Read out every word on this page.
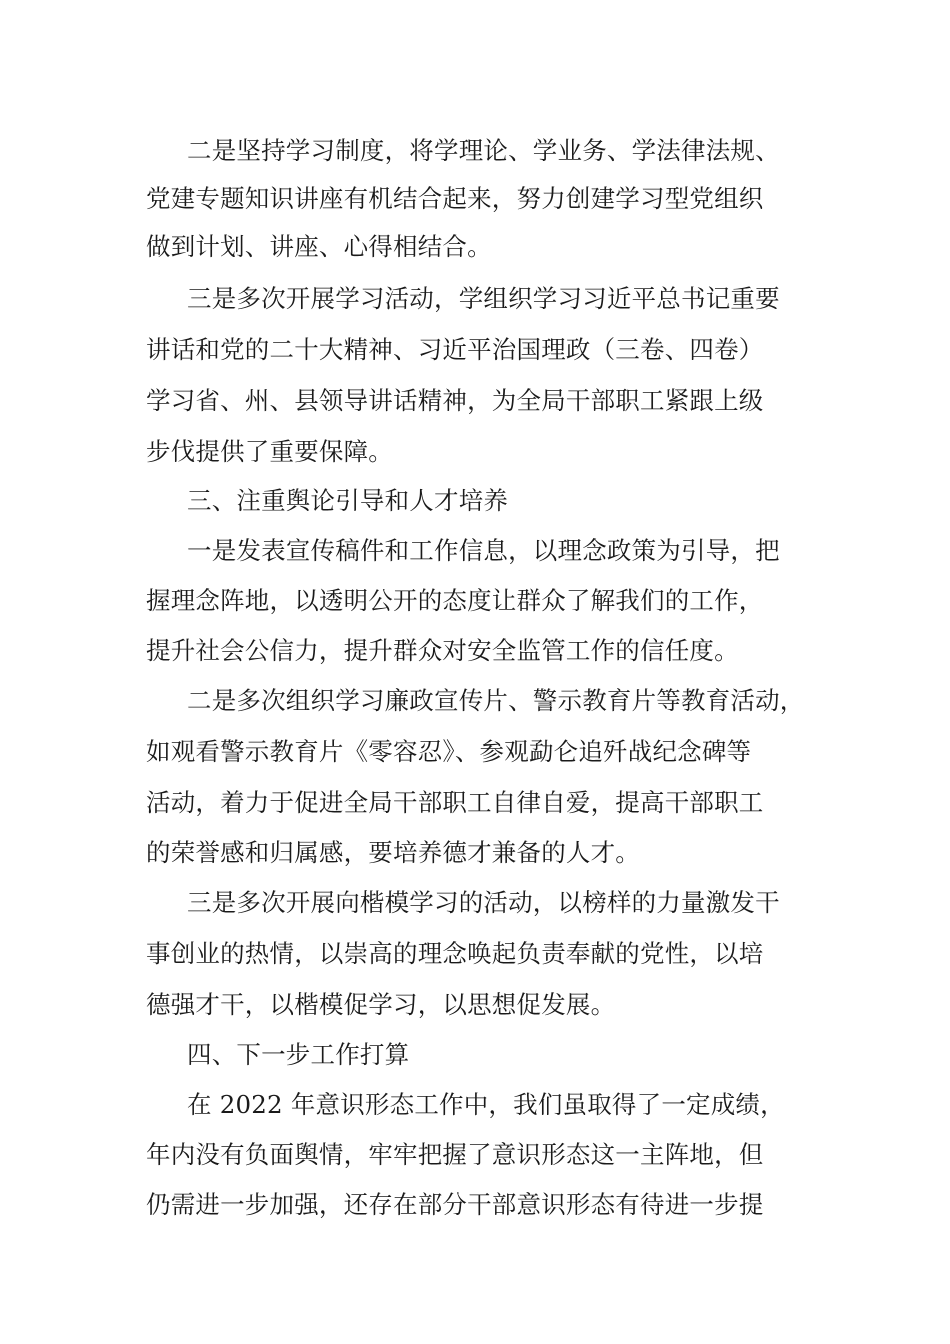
二是坚持学习制度，将学理论、学业务、学法律法规、
党建专题知识讲座有机结合起来，努力创建学习型党组织
做到计划、讲座、心得相结合。
三是多次开展学习活动，学组织学习习近平总书记重要
讲话和党的二十大精神、习近平治国理政（三卷、四卷）
学习省、州、县领导讲话精神，为全局干部职工紧跟上级
步伐提供了重要保障。
三、注重舆论引导和人才培养
一是发表宣传稿件和工作信息，以理念政策为引导，把
握理念阵地，以透明公开的态度让群众了解我们的工作，
提升社会公信力，提升群众对安全监管工作的信任度。
二是多次组织学习廉政宣传片、警示教育片等教育活动，
如观看警示教育片《零容忍》、参观勐仑追歼战纪念碑等
活动，着力于促进全局干部职工自律自爱，提高干部职工
的荣誉感和归属感，要培养德才兼备的人才。
三是多次开展向楷模学习的活动，以榜样的力量激发干
事创业的热情，以崇高的理念唤起负责奉献的党性，以培
德强才干，以楷模促学习，以思想促发展。
四、下一步工作打算
在 2022 年意识形态工作中，我们虽取得了一定成绩，
年内没有负面舆情，牢牢把握了意识形态这一主阵地，但
仍需进一步加强，还存在部分干部意识形态有待进一步提
